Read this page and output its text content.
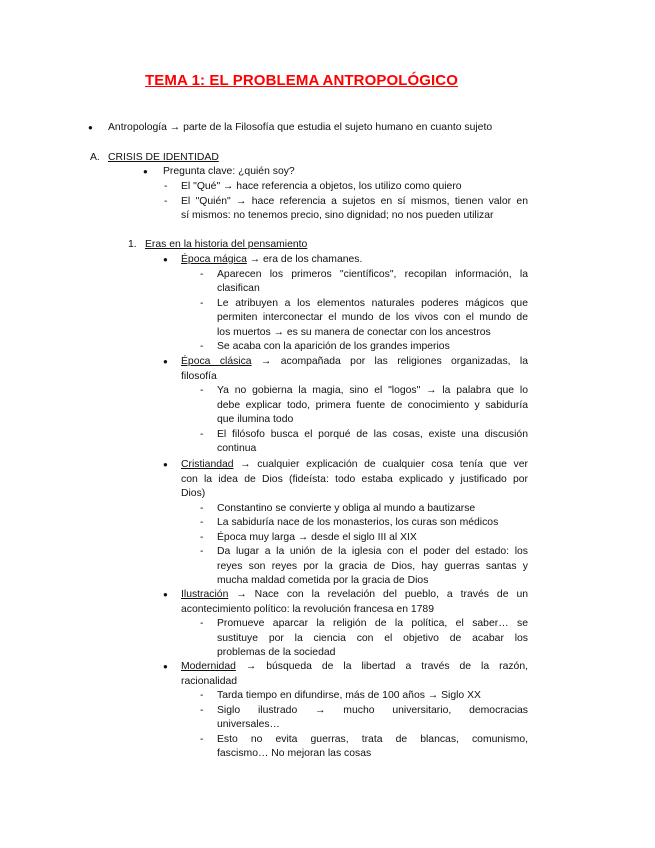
TEMA 1: EL PROBLEMA ANTROPOLÓGICO
● Antropología → parte de la Filosofía que estudia el sujeto humano en cuanto sujeto
A. CRISIS DE IDENTIDAD
● Pregunta clave: ¿quién soy?
- El "Qué" → hace referencia a objetos, los utilizo como quiero
- El "Quién" → hace referencia a sujetos en sí mismos, tienen valor en
sí mismos: no tenemos precio, sino dignidad; no nos pueden utilizar
1. Eras en la historia del pensamiento
● Época mágica → era de los chamanes.
- Aparecen los primeros "científicos", recopilan información, la
clasifican
- Le atribuyen a los elementos naturales poderes mágicos que
permiten interconectar el mundo de los vivos con el mundo de
los muertos → es su manera de conectar con los ancestros
- Se acaba con la aparición de los grandes imperios
● Época clásica → acompañada por las religiones organizadas, la
filosofía
- Ya no gobierna la magia, sino el "logos" → la palabra que lo
debe explicar todo, primera fuente de conocimiento y sabiduría
que ilumina todo
- El filósofo busca el porqué de las cosas, existe una discusión
continua
● Cristiandad → cualquier explicación de cualquier cosa tenía que ver
con la idea de Dios (fideísta: todo estaba explicado y justificado por
Dios)
- Constantino se convierte y obliga al mundo a bautizarse
- La sabiduría nace de los monasterios, los curas son médicos
- Época muy larga → desde el siglo III al XIX
- Da lugar a la unión de la iglesia con el poder del estado: los
reyes son reyes por la gracia de Dios, hay guerras santas y
mucha maldad cometida por la gracia de Dios
● Ilustración → Nace con la revelación del pueblo, a través de un
acontecimiento político: la revolución francesa en 1789
- Promueve aparcar la religión de la política, el saber… se
sustituye por la ciencia con el objetivo de acabar los
problemas de la sociedad
● Modernidad → búsqueda de la libertad a través de la razón,
racionalidad
- Tarda tiempo en difundirse, más de 100 años → Siglo XX
- Siglo ilustrado → mucho universitario, democracias
universales…
- Esto no evita guerras, trata de blancas, comunismo,
fascismo… No mejoran las cosas
